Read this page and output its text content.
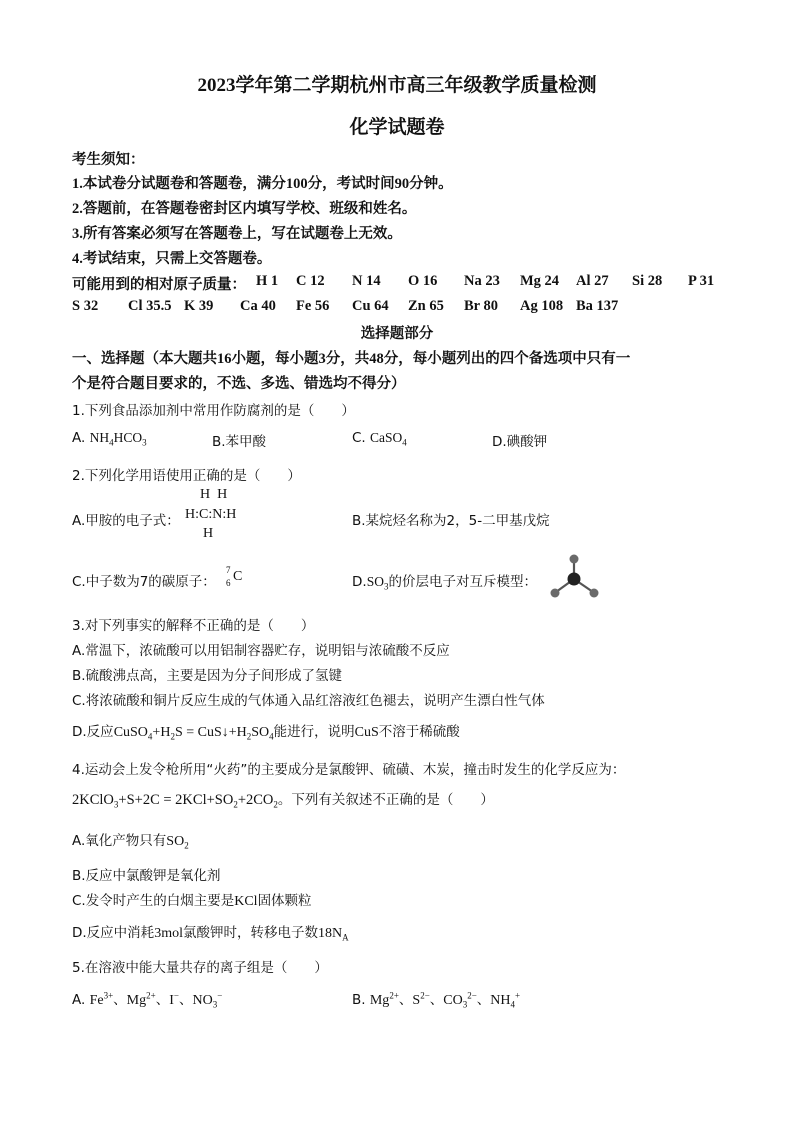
2023学年第二学期杭州市高三年级教学质量检测
化学试题卷
考生须知：
1.本试卷分试题卷和答题卷，满分100分，考试时间90分钟。
2.答题前，在答题卷密封区内填写学校、班级和姓名。
3.所有答案必须写在答题卷上，写在试题卷上无效。
4.考试结束，只需上交答题卷。
可能用到的相对原子质量： H 1 C 12 N 14 O 16 Na 23 Mg 24 Al 27 Si 28 P 31
S 32 Cl 35.5 K 39 Ca 40 Fe 56 Cu 64 Zn 65 Br 80 Ag 108 Ba 137
选择题部分
一、选择题（本大题共16小题，每小题3分，共48分，每小题列出的四个备选项中只有一
个是符合题目要求的，不选、多选、错选均不得分）
1.下列食品添加剂中常用作防腐剂的是（　　）
A. $NH_4HCO_3$	B.苯甲酸	C. CaSO$_4$	D.碘酸钾
2.下列化学用语使用正确的是（　　）
A.甲胺的电子式：
H  H
H:C:N:H
H
B.某烷烃名称为2，5-二甲基戊烷
C.中子数为7的碳原子：
7
6 C	$D.SO_3$的价层电子对互斥模型：
3.对下列事实的解释不正确的是（　　）
A.常温下，浓硫酸可以用铝制容器贮存，说明铝与浓硫酸不反应
B.硫酸沸点高，主要是因为分子间形成了氢键
C.将浓硫酸和铜片反应生成的气体通入品红溶液红色褪去，说明产生漂白性气体
D.反应$CuSO_4+H_2S$ = $CuS↓+H_2SO_4$能进行，说明CuS不溶于稀硫酸
4.运动会上发令枪所用“火药”的主要成分是氯酸钾、硫磺、木炭，撞击时发生的化学反应为：
2KClO$_3$+S+2C = $2KCl+SO_2+2CO_2$。下列有关叙述不正确的是（　　）
A.氧化产物只有$SO_2$
B.反应中氯酸钾是氧化剂
C.发令时产生的白烟主要是KCl固体颗粒
D.反应中消耗3mol氯酸钾时，转移电子数$18N_A$
5.在溶液中能大量共存的离子组是（　　）
A. $Fe^{3+}$、$Mg^{2+}$、I−、$NO_3^-$	B. $Mg^{2+}$、$S^{2-}$、$CO_3^{2-}$、$NH_4^+$
